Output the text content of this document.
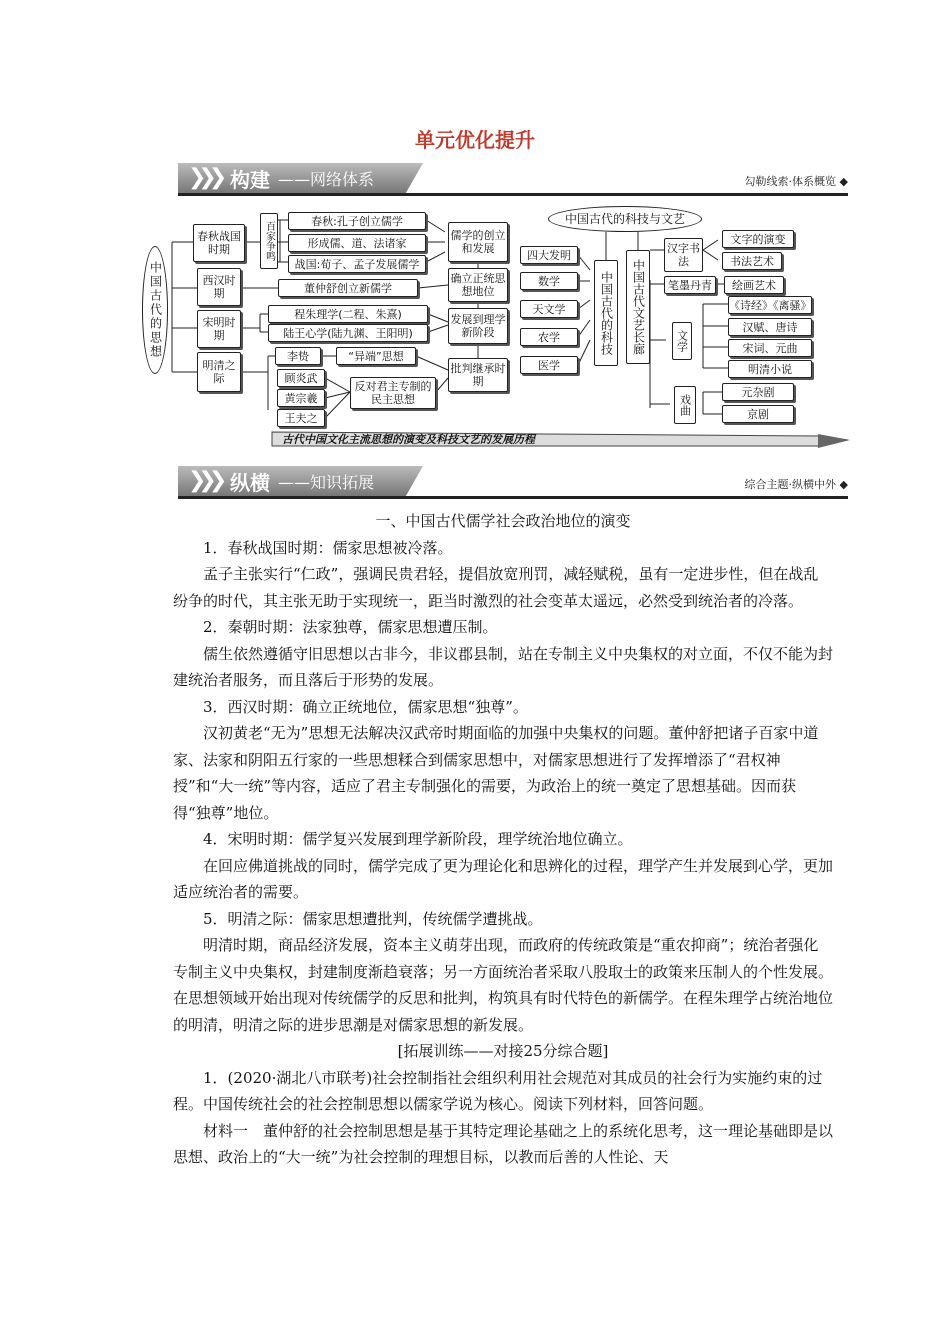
单元优化提升
❯❯❯ 构建 ——网络体系	勾勒线索·体系概览 ◆
中国古代的思想
春秋战国时期
西汉时期
宋明时期
明清之际
百家争鸣	春秋:孔子创立儒学
形成儒、道、法诸家
战国:荀子、孟子发展儒学
董仲舒创立新儒学
程朱理学(二程、朱熹)
陆王心学(陆九渊、王阳明)
李贽	“异端”思想
顾炎武
黄宗羲
王夫之
反对君主专制的民主思想
儒学的创立和发展
确立正统思想地位
发展到理学新阶段
批判继承时期
中国古代的科技与文艺
四大发明
数学
天文学
农学
医学
中国古代的科技	中国古代文艺长廊
汉字书法
笔墨丹青
文学
戏曲
文字的演变
书法艺术
绘画艺术
《诗经》《离骚》
汉赋、唐诗
宋词、元曲
明清小说
元杂剧
京剧
古代中国文化主流思想的演变及科技文艺的发展历程
❯❯❯ 纵横 ——知识拓展	综合主题·纵横中外 ◆

一、中国古代儒学社会政治地位的演变

1．春秋战国时期：儒家思想被冷落。

孟子主张实行“仁政”，强调民贵君轻，提倡放宽刑罚，减轻赋税，虽有一定进步性，但在战乱纷争的时代，其主张无助于实现统一，距当时激烈的社会变革太遥远，必然受到统治者的冷落。

2．秦朝时期：法家独尊，儒家思想遭压制。

儒生依然遵循守旧思想以古非今，非议郡县制，站在专制主义中央集权的对立面，不仅不能为封建统治者服务，而且落后于形势的发展。

3．西汉时期：确立正统地位，儒家思想“独尊”。

汉初黄老“无为”思想无法解决汉武帝时期面临的加强中央集权的问题。董仲舒把诸子百家中道家、法家和阴阳五行家的一些思想糅合到儒家思想中，对儒家思想进行了发挥增添了“君权神授”和“大一统”等内容，适应了君主专制强化的需要，为政治上的统一奠定了思想基础。因而获得“独尊”地位。

4．宋明时期：儒学复兴发展到理学新阶段，理学统治地位确立。

在回应佛道挑战的同时，儒学完成了更为理论化和思辨化的过程，理学产生并发展到心学，更加适应统治者的需要。

5．明清之际：儒家思想遭批判，传统儒学遭挑战。

明清时期，商品经济发展，资本主义萌芽出现，而政府的传统政策是“重农抑商”；统治者强化专制主义中央集权，封建制度渐趋衰落；另一方面统治者采取八股取士的政策来压制人的个性发展。在思想领域开始出现对传统儒学的反思和批判，构筑具有时代特色的新儒学。在程朱理学占统治地位的明清，明清之际的进步思潮是对儒家思想的新发展。

[拓展训练——对接25分综合题]

1．(2020·湖北八市联考)社会控制指社会组织利用社会规范对其成员的社会行为实施约束的过程。中国传统社会的社会控制思想以儒家学说为核心。阅读下列材料，回答问题。

材料一　董仲舒的社会控制思想是基于其特定理论基础之上的系统化思考，这一理论基础即是以思想、政治上的“大一统”为社会控制的理想目标，以教而后善的人性论、天
